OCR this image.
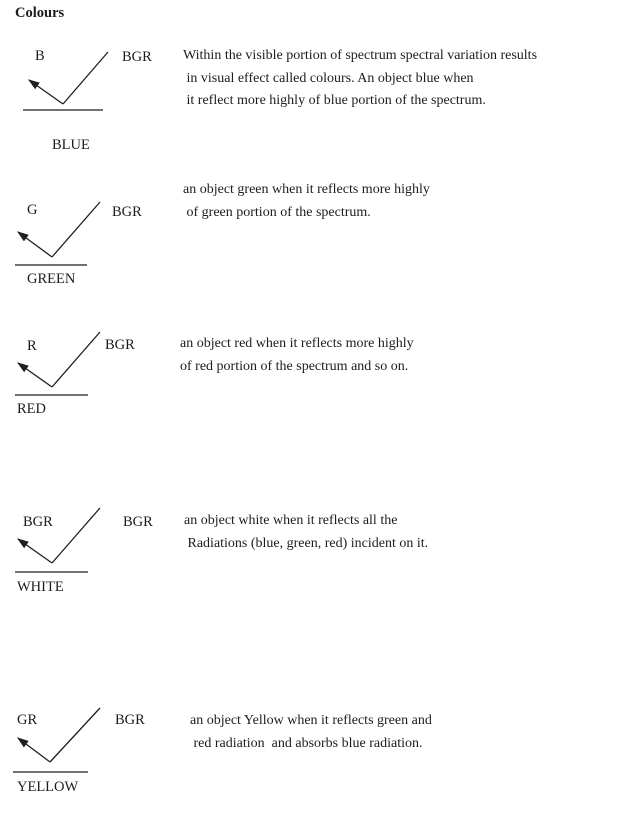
Colours
B	BGR
BLUE
Within the visible portion of spectrum spectral variation results
in visual effect called colours. An object blue when
it reflect more highly of blue portion of the spectrum.
G	BGR
GREEN
an object green when it reflects more highly
of green portion of the spectrum.
R	BGR
RED
an object red when it reflects more highly
of red portion of the spectrum and so on.
BGR	BGR
WHITE
an object white when it reflects all the
Radiations (blue, green, red) incident on it.
GR	BGR
YELLOW
an object Yellow when it reflects green and
red radiation  and absorbs blue radiation.
